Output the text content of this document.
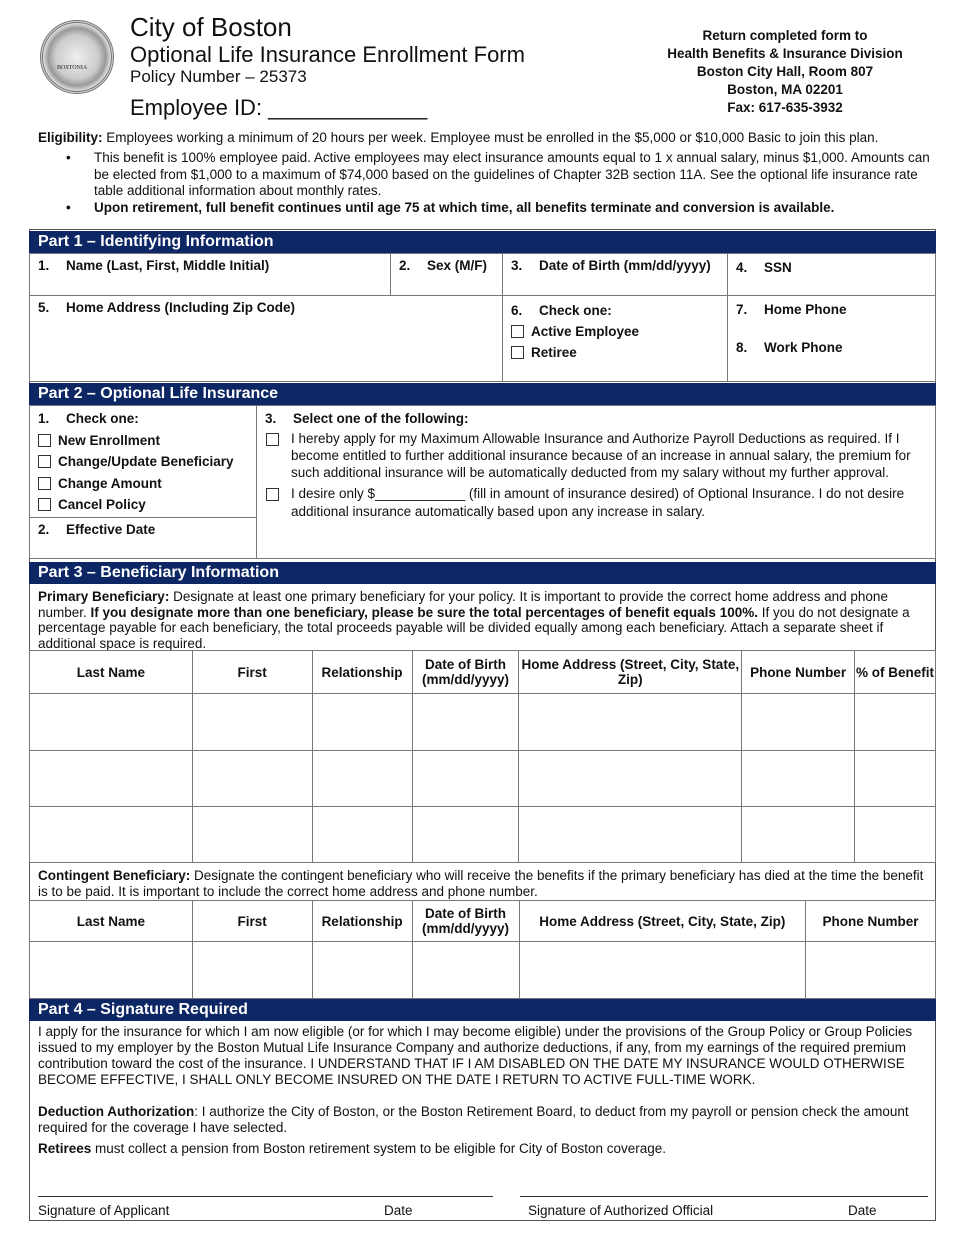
BOSTONIA
City of Boston
Optional Life Insurance Enrollment Form
Policy Number – 25373
Employee ID: _____________
Return completed form to
Health Benefits & Insurance Division
Boston City Hall, Room 807
Boston, MA 02201
Fax: 617-635-3932
Eligibility: Employees working a minimum of 20 hours per week. Employee must be enrolled in the $5,000 or $10,000 Basic to join this plan.
• This benefit is 100% employee paid. Active employees may elect insurance amounts equal to 1 x annual salary, minus $1,000. Amounts can be elected from $1,000 to a maximum of $74,000 based on the guidelines of Chapter 32B section 11A. See the optional life insurance rate table additional information about monthly rates.
• Upon retirement, full benefit continues until age 75 at which time, all benefits terminate and conversion is available.
Part 1 – Identifying Information
1. Name (Last, First, Middle Initial)	2. Sex (M/F)	3. Date of Birth (mm/dd/yyyy)	4. SSN
5. Home Address (Including Zip Code)	6. Check one:
Active Employee
Retiree
7. Home Phone
8. Work Phone
Part 2 – Optional Life Insurance
1. Check one:
New Enrollment
Change/Update Beneficiary
Change Amount
Cancel Policy
2. Effective Date
3. Select one of the following:
I hereby apply for my Maximum Allowable Insurance and Authorize Payroll Deductions as required. If I become entitled to further additional insurance because of an increase in annual salary, the premium for such additional insurance will be automatically deducted from my salary without my further approval.
I desire only $____________ (fill in amount of insurance desired) of Optional Insurance. I do not desire additional insurance automatically based upon any increase in salary.
Part 3 – Beneficiary Information
Primary Beneficiary: Designate at least one primary beneficiary for your policy. It is important to provide the correct home address and phone number. If you designate more than one beneficiary, please be sure the total percentages of benefit equals 100%. If you do not designate a percentage payable for each beneficiary, the total proceeds payable will be divided equally among each beneficiary. Attach a separate sheet if additional space is required.
Last Name	First	Relationship	Date of Birth (mm/dd/yyyy)	Home Address (Street, City, State, Zip)	Phone Number	% of Benefit

Contingent Beneficiary: Designate the contingent beneficiary who will receive the benefits if the primary beneficiary has died at the time the benefit is to be paid. It is important to include the correct home address and phone number.
Last Name	First	Relationship	Date of Birth (mm/dd/yyyy)	Home Address (Street, City, State, Zip)	Phone Number

Part 4 – Signature Required
I apply for the insurance for which I am now eligible (or for which I may become eligible) under the provisions of the Group Policy or Group Policies issued to my employer by the Boston Mutual Life Insurance Company and authorize deductions, if any, from my earnings of the required premium contribution toward the cost of the insurance. I UNDERSTAND THAT IF I AM DISABLED ON THE DATE MY INSURANCE WOULD OTHERWISE BECOME EFFECTIVE, I SHALL ONLY BECOME INSURED ON THE DATE I RETURN TO ACTIVE FULL-TIME WORK.
Deduction Authorization: I authorize the City of Boston, or the Boston Retirement Board, to deduct from my payroll or pension check the amount required for the coverage I have selected.
Retirees must collect a pension from Boston retirement system to be eligible for City of Boston coverage.
Signature of Applicant	Date	Signature of Authorized Official	Date
